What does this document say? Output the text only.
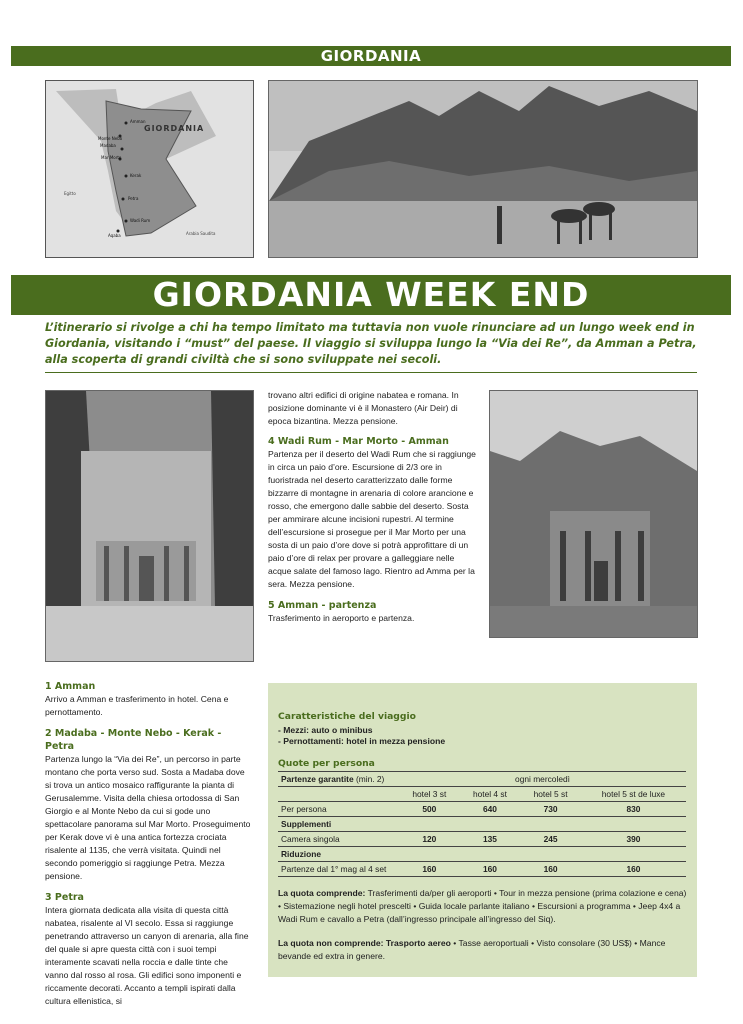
GIORDANIA
GIORDANIA
Amman
Madaba
Monte Nebo
Mar Morto
Kerak
Petra
Wadi Rum
Aqaba
Egitto
Arabia Saudita
GIORDANIA WEEK END
L’itinerario si rivolge a chi ha tempo limitato ma tuttavia non vuole rinunciare ad un lungo week end in Giordania, visitando i “must” del paese. Il viaggio si sviluppa lungo la “Via dei Re”, da Amman a Petra, alla scoperta di grandi civiltà che si sono sviluppate nei secoli.

trovano altri edifici di origine nabatea e romana. In posizione dominante vi è il Monastero (Air Deir) di epoca bizantina. Mezza pensione.

4 Wadi Rum - Mar Morto - Amman

Partenza per il deserto del Wadi Rum che si raggiunge in circa un paio d’ore. Escursione di 2/3 ore in fuoristrada nel deserto caratterizzato dalle forme bizzarre di montagne in arenaria di colore arancione e rosso, che emergono dalle sabbie del deserto. Sosta per ammirare alcune incisioni rupestri. Al termine dell’escursione si prosegue per il Mar Morto per una sosta di un paio d’ore dove si potrà approfittare di un paio d’ore di relax per provare a galleggiare nelle acque salate del famoso lago. Rientro ad Amma per la sera. Mezza pensione.

5 Amman - partenza

Trasferimento in aeroporto e partenza.

1 Amman

Arrivo a Amman e trasferimento in hotel. Cena e pernottamento.

2 Madaba - Monte Nebo - Kerak - Petra

Partenza lungo la “Via dei Re”, un percorso in parte montano che porta verso sud. Sosta a Madaba dove si trova un antico mosaico raffigurante la pianta di Gerusalemme. Visita della chiesa ortodossa di San Giorgio e al Monte Nebo da cui si gode uno spettacolare panorama sul Mar Morto. Proseguimento per Kerak dove vi è una antica fortezza crociata risalente al 1135, che verrà visitata. Quindi nel secondo pomeriggio si raggiunge Petra. Mezza pensione.

3 Petra

Intera giornata dedicata alla visita di questa città nabatea, risalente al VI secolo. Essa si raggiunge penetrando attraverso un canyon di arenaria, alla fine del quale si apre questa città con i suoi tempi interamente scavati nella roccia e dalle tinte che vanno dal rosso al rosa. Gli edifici sono imponenti e riccamente decorati. Accanto a templi ispirati dalla cultura ellenistica, si

Caratteristiche del viaggio
- Mezzi: auto o minibus
- Pernottamenti: hotel in mezza pensione
Quote per persona
Partenze garantite (min. 2)	ogni mercoledì			
	hotel 3 st	hotel 4 st	hotel 5 st	hotel 5 st de luxe
Per persona	500	640	730	830
Supplementi				
Camera singola	120	135	245	390
Riduzione				
Partenze dal 1° mag al 4 set	160	160	160	160
La quota comprende: Trasferimenti da/per gli aeroporti • Tour in mezza pensione (prima colazione e cena) • Sistemazione negli hotel prescelti • Guida locale parlante italiano • Escursioni a programma • Jeep 4x4 a Wadi Rum e cavallo a Petra (dall’ingresso principale all’ingresso del Siq).
La quota non comprende: Trasporto aereo • Tasse aeroportuali • Visto consolare (30 US$) • Mance bevande ed extra in genere.
